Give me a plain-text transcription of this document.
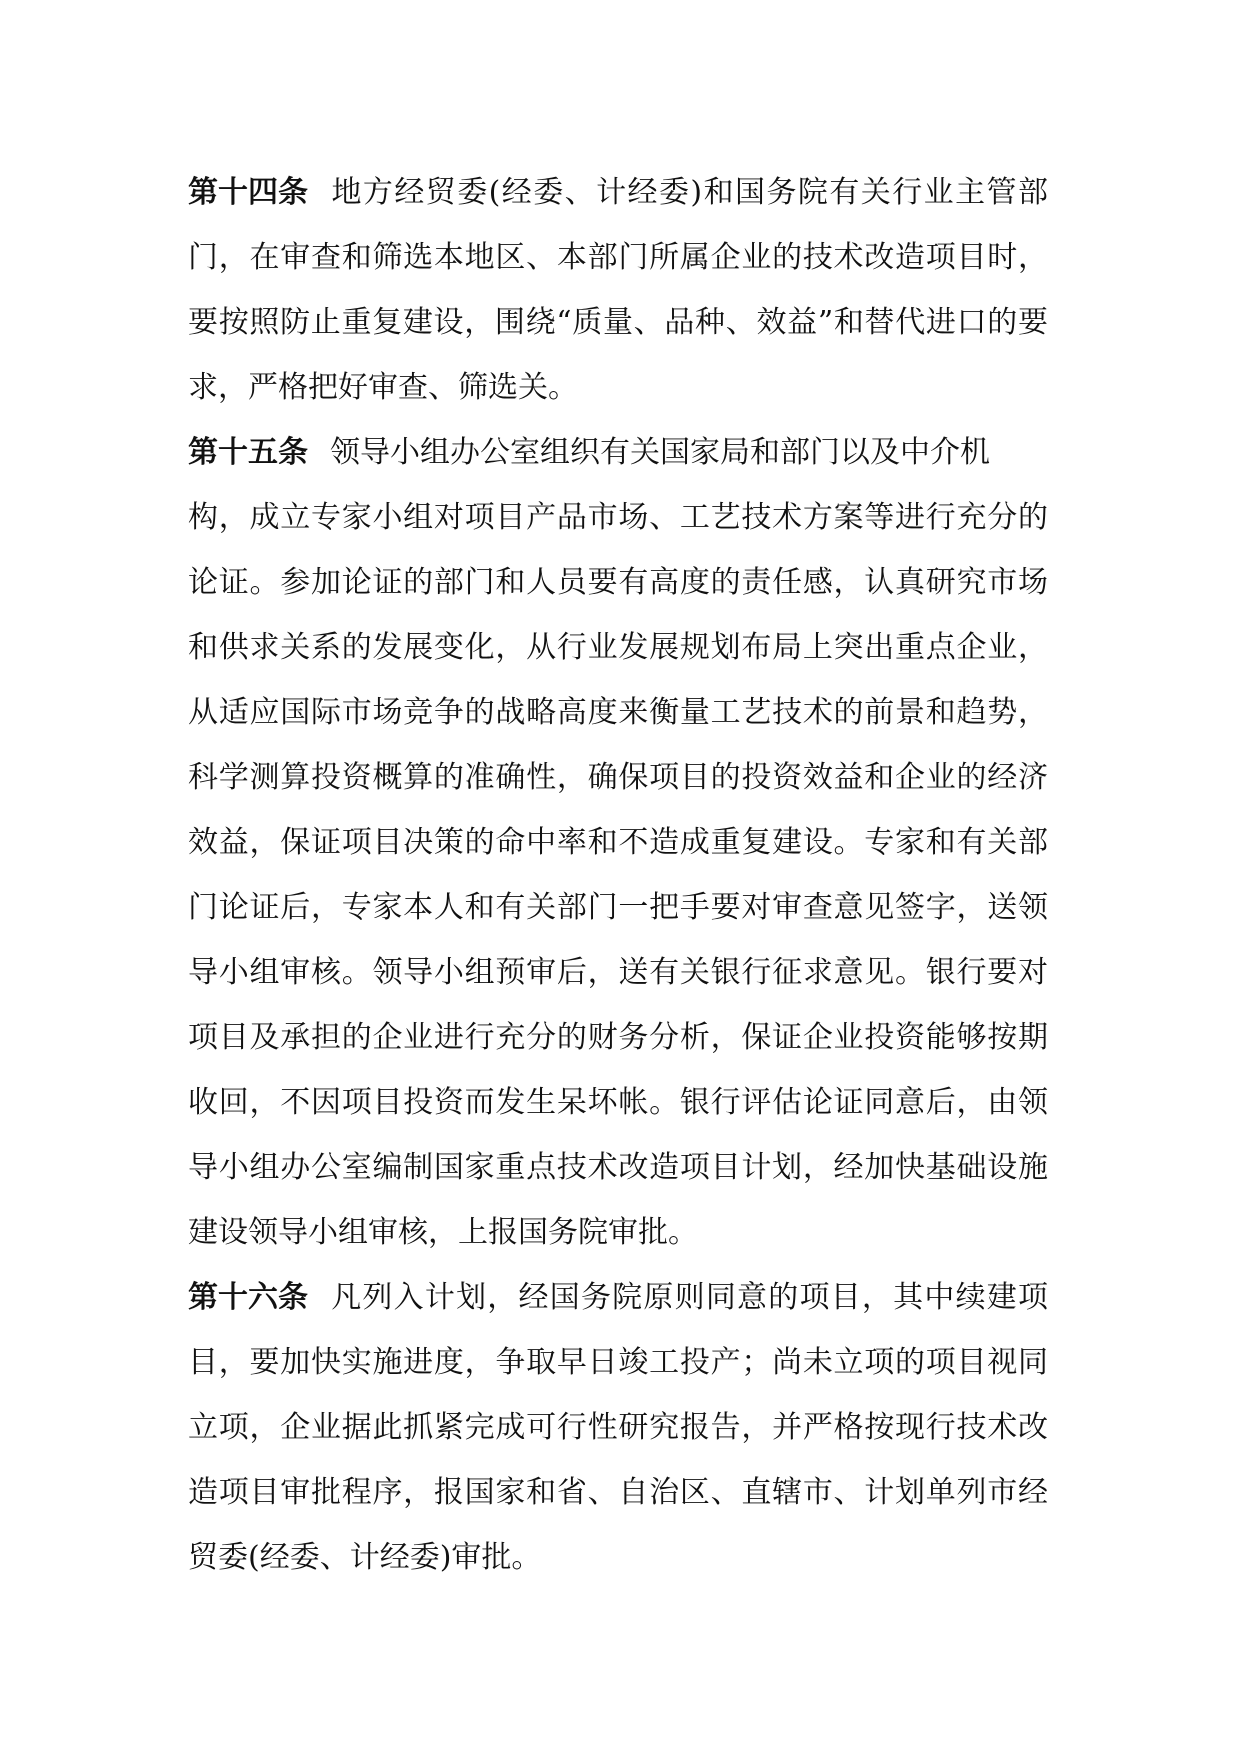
第十四条 地方经贸委(经委、计经委)和国务院有关行业主管部
门，在审查和筛选本地区、本部门所属企业的技术改造项目时，
要按照防止重复建设，围绕“质量、品种、效益”和替代进口的要
求，严格把好审查、筛选关。
第十五条 领导小组办公室组织有关国家局和部门以及中介机
构，成立专家小组对项目产品市场、工艺技术方案等进行充分的
论证。参加论证的部门和人员要有高度的责任感，认真研究市场
和供求关系的发展变化，从行业发展规划布局上突出重点企业，
从适应国际市场竞争的战略高度来衡量工艺技术的前景和趋势，
科学测算投资概算的准确性，确保项目的投资效益和企业的经济
效益，保证项目决策的命中率和不造成重复建设。专家和有关部
门论证后，专家本人和有关部门一把手要对审查意见签字，送领
导小组审核。领导小组预审后，送有关银行征求意见。银行要对
项目及承担的企业进行充分的财务分析，保证企业投资能够按期
收回，不因项目投资而发生呆坏帐。银行评估论证同意后，由领
导小组办公室编制国家重点技术改造项目计划，经加快基础设施
建设领导小组审核，上报国务院审批。
第十六条 凡列入计划，经国务院原则同意的项目，其中续建项
目，要加快实施进度，争取早日竣工投产；尚未立项的项目视同
立项，企业据此抓紧完成可行性研究报告，并严格按现行技术改
造项目审批程序，报国家和省、自治区、直辖市、计划单列市经
贸委(经委、计经委)审批。
